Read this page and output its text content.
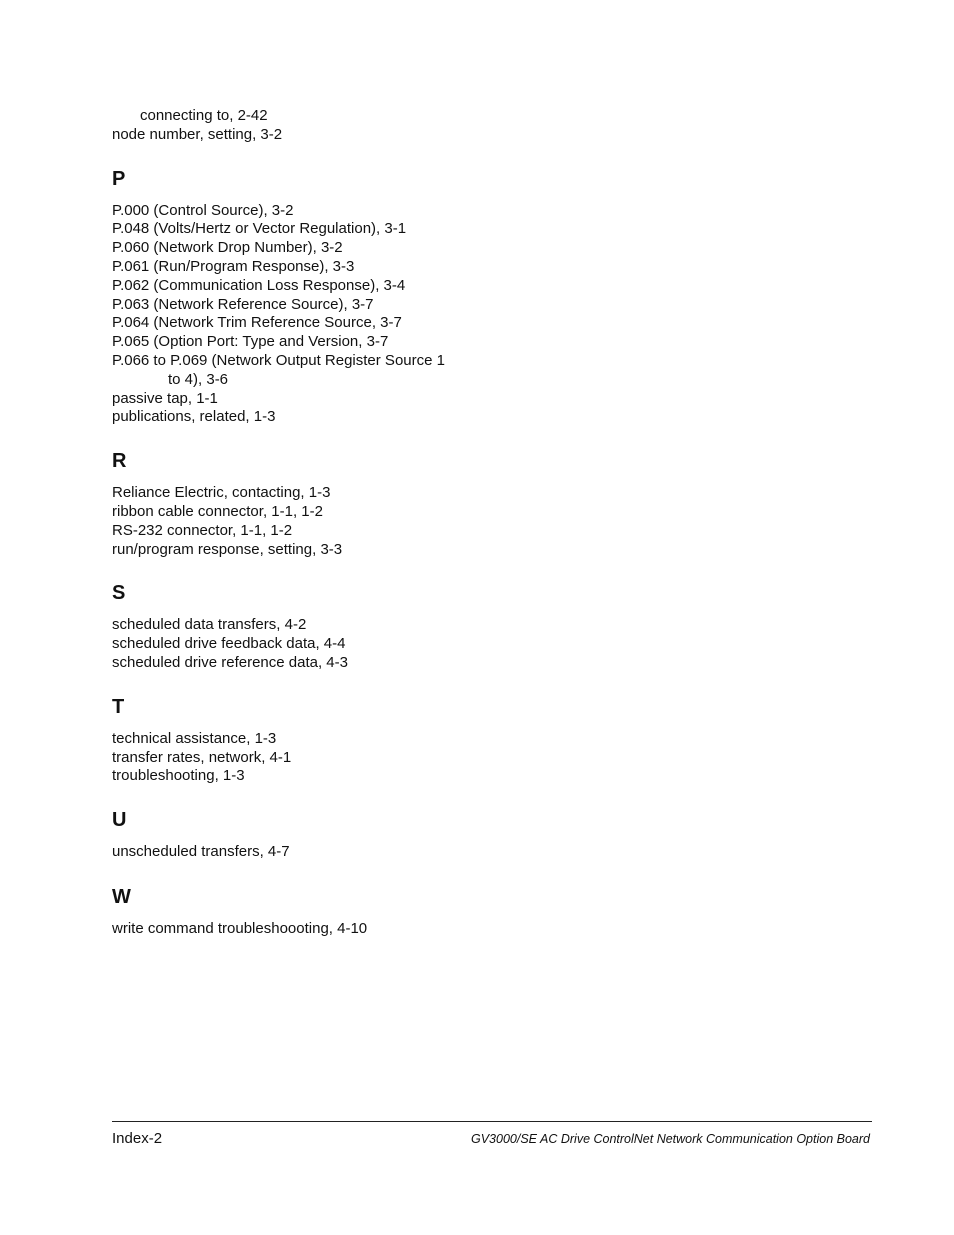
connecting to, 2-42
node number, setting, 3-2
P
P.000 (Control Source), 3-2
P.048 (Volts/Hertz or Vector Regulation), 3-1
P.060 (Network Drop Number), 3-2
P.061 (Run/Program Response), 3-3
P.062 (Communication Loss Response), 3-4
P.063 (Network Reference Source), 3-7
P.064 (Network Trim Reference Source, 3-7
P.065 (Option Port: Type and Version, 3-7
P.066 to P.069 (Network Output Register Source 1
to 4), 3-6
passive tap, 1-1
publications, related, 1-3
R
Reliance Electric, contacting, 1-3
ribbon cable connector, 1-1, 1-2
RS-232 connector, 1-1, 1-2
run/program response, setting, 3-3
S
scheduled data transfers, 4-2
scheduled drive feedback data, 4-4
scheduled drive reference data, 4-3
T
technical assistance, 1-3
transfer rates, network, 4-1
troubleshooting, 1-3
U
unscheduled transfers, 4-7
W
write command troubleshoooting, 4-10
Index-2	GV3000/SE AC Drive ControlNet Network Communication Option Board
